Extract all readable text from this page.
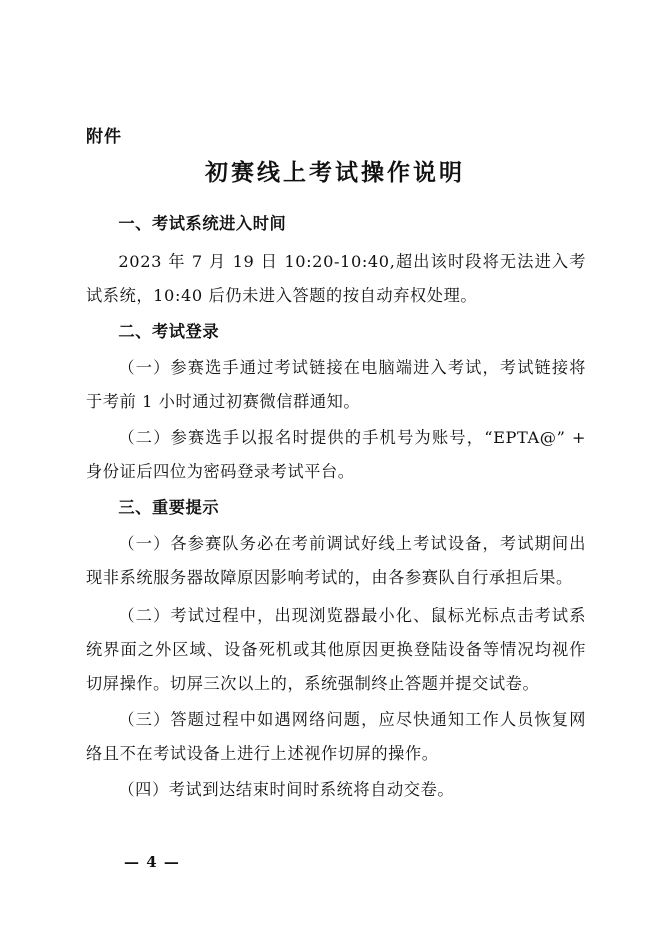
附件
初赛线上考试操作说明

一、考试系统进入时间

2023 年 7 月 19 日 10:20-10:40,超出该时段将无法进入考试系统，10:40 后仍未进入答题的按自动弃权处理。

二、考试登录

（一）参赛选手通过考试链接在电脑端进入考试，考试链接将于考前 1 小时通过初赛微信群通知。

（二）参赛选手以报名时提供的手机号为账号，“EPTA@” + 身份证后四位为密码登录考试平台。

三、重要提示

（一）各参赛队务必在考前调试好线上考试设备，考试期间出现非系统服务器故障原因影响考试的，由各参赛队自行承担后果。

（二）考试过程中，出现浏览器最小化、鼠标光标点击考试系统界面之外区域、设备死机或其他原因更换登陆设备等情况均视作切屏操作。切屏三次以上的，系统强制终止答题并提交试卷。

（三）答题过程中如遇网络问题，应尽快通知工作人员恢复网络且不在考试设备上进行上述视作切屏的操作。

（四）考试到达结束时间时系统将自动交卷。

— 4 —
